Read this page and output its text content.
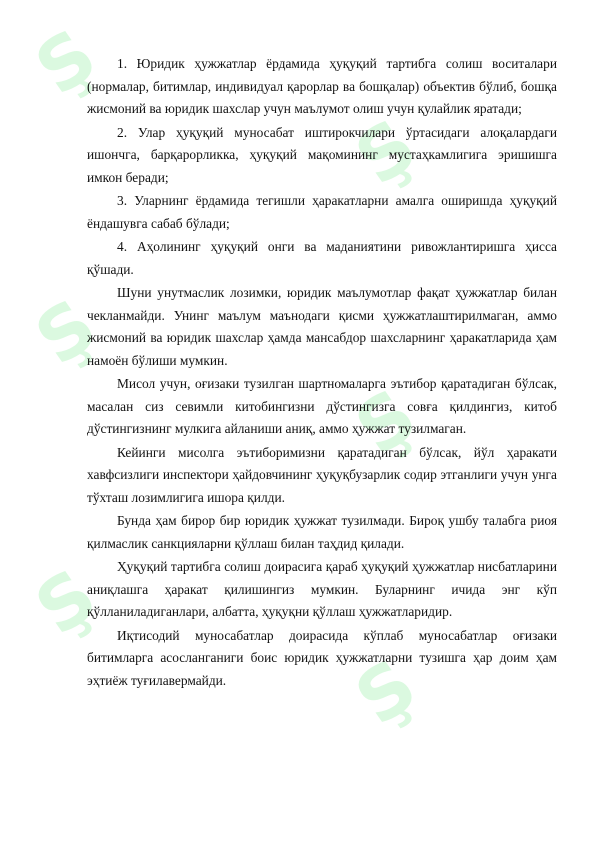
Ş
Ş
Ş
Ş
Ş
Ş

1. Юридик ҳужжатлар ёрдамида ҳуқуқий тартибга солиш воситалари (нормалар, битимлар, индивидуал қарорлар ва бошқалар) объектив бўлиб, бошқа жисмоний ва юридик шахслар учун маълумот олиш учун қулайлик яратади;

2. Улар ҳуқуқий муносабат иштирокчилари ўртасидаги алоқалардаги ишончга, барқарорликка, ҳуқуқий мақомининг мустаҳкамлигига эришишга имкон беради;

3. Уларнинг ёрдамида тегишли ҳаракатларни амалга оширишда ҳуқуқий ёндашувга сабаб бўлади;

4. Аҳолининг ҳуқуқий онги ва маданиятини ривожлантиришга ҳисса қўшади.

Шуни унутмаслик лозимки, юридик маълумотлар фақат ҳужжатлар билан чекланмайди. Унинг маълум маънодаги қисми ҳужжатлаштирилмаган, аммо жисмоний ва юридик шахслар ҳамда мансабдор шахсларнинг ҳаракатларида ҳам намоён бўлиши мумкин.

Мисол учун, оғизаки тузилган шартномаларга эътибор қаратадиган бўлсак, масалан сиз севимли китобингизни дўстингизга совға қилдингиз, китоб дўстингизнинг мулкига айланиши аниқ, аммо ҳужжат тузилмаган.

Кейинги мисолга эътиборимизни қаратадиган бўлсак, йўл ҳаракати хавфсизлиги инспектори ҳайдовчининг ҳуқуқбузарлик содир этганлиги учун унга тўхташ лозимлигига ишора қилди.

Бунда ҳам бирор бир юридик ҳужжат тузилмади. Бироқ ушбу талабга риоя қилмаслик санкцияларни қўллаш билан таҳдид қилади.

Ҳуқуқий тартибга солиш доирасига қараб ҳуқуқий ҳужжатлар нисбатларини аниқлашга ҳаракат қилишингиз мумкин. Буларнинг ичида энг кўп қўлланиладиганлари, албатта, ҳуқуқни қўллаш ҳужжатларидир.

Иқтисодий муносабатлар доирасида кўплаб муносабатлар оғизаки битимларга асосланганиги боис юридик ҳужжатларни тузишга ҳар доим ҳам эҳтиёж туғилавермайди.
